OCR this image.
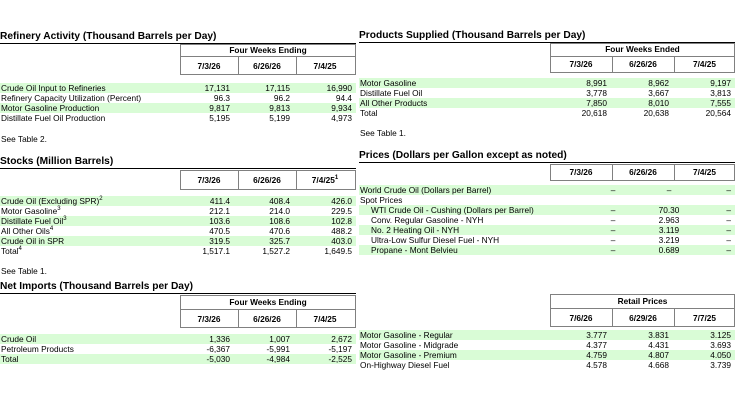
Refinery Activity (Thousand Barrels per Day)
Four Weeks Ending
7/3/26	6/26/26	7/4/25
Crude Oil Input to Refineries	17,131	17,115	16,990
Refinery Capacity Utilization (Percent)	96.3	96.2	94.4
Motor Gasoline Production	9,817	9,813	9,934
Distillate Fuel Oil Production	5,195	5,199	4,973
See Table 2.
Stocks (Million Barrels)
7/3/26	6/26/26	$7/4/25^1$
Crude Oil (Excluding SPR)$^2$	411.4	408.4	426.0
Motor Gasoline$^3$	212.1	214.0	229.5
Distillate Fuel Oil$^3$	103.6	108.6	102.8
All Other Oils$^4$	470.5	470.6	488.2
Crude Oil in SPR	319.5	325.7	403.0
Total$^4$	1,517.1	1,527.2	1,649.5
See Table 1.
Net Imports (Thousand Barrels per Day)
Four Weeks Ending
7/3/26	6/26/26	7/4/25
Crude Oil	1,336	1,007	2,672
Petroleum Products	-6,367	-5,991	-5,197
Total	-5,030	-4,984	-2,525
Products Supplied (Thousand Barrels per Day)
Four Weeks Ended
7/3/26	6/26/26	7/4/25
Motor Gasoline	8,991	8,962	9,197
Distillate Fuel Oil	3,778	3,667	3,813
All Other Products	7,850	8,010	7,555
Total	20,618	20,638	20,564
See Table 1.
Prices (Dollars per Gallon except as noted)
7/3/26	6/26/26	7/4/25
World Crude Oil (Dollars per Barrel)	–	–	–
Spot Prices
WTI Crude Oil - Cushing (Dollars per Barrel)	–	70.30	–
Conv. Regular Gasoline - NYH	–	2.963	–
No. 2 Heating Oil - NYH	–	3.119	–
Ultra-Low Sulfur Diesel Fuel - NYH	–	3.219	–
Propane - Mont Belvieu	–	0.689	–
Retail Prices
7/6/26	6/29/26	7/7/25
Motor Gasoline - Regular	3.777	3.831	3.125
Motor Gasoline - Midgrade	4.377	4.431	3.693
Motor Gasoline - Premium	4.759	4.807	4.050
On-Highway Diesel Fuel	4.578	4.668	3.739
